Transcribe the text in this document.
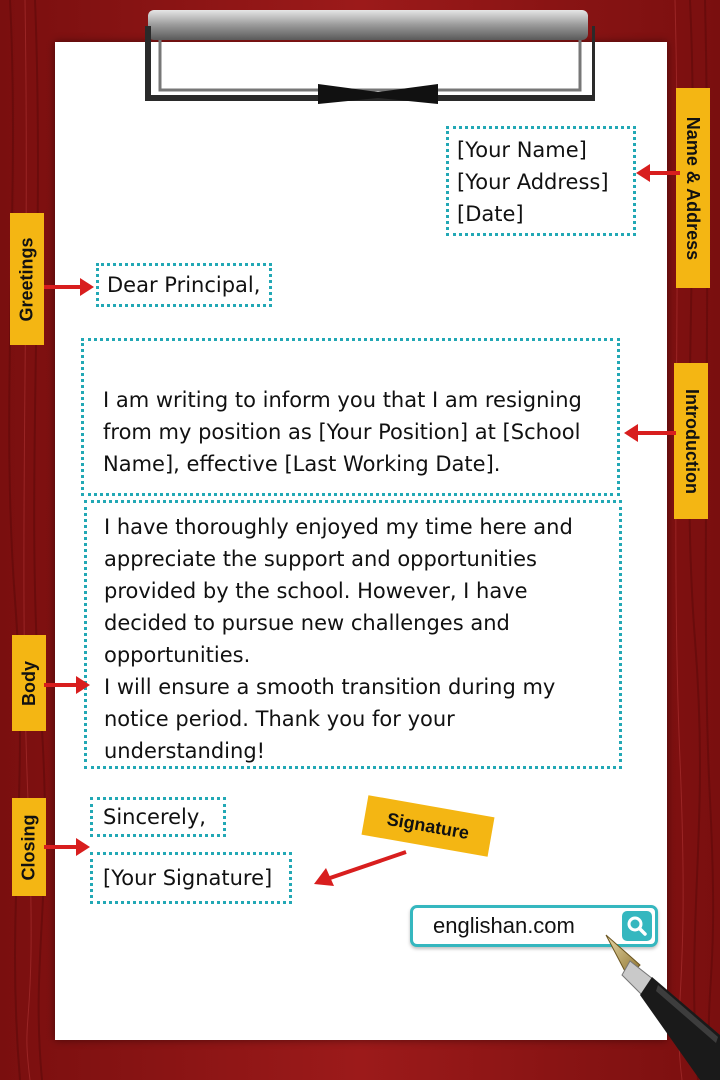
[Your Name]
[Your Address]
[Date]
Dear Principal,
I am writing to inform you that I am resigning
from my position as [Your Position] at [School
Name], effective [Last Working Date].
I have thoroughly enjoyed my time here and
appreciate the support and opportunities
provided by the school. However, I have
decided to pursue new challenges and
opportunities.
I will ensure a smooth transition during my
notice period. Thank you for your
understanding!
Sincerely,
[Your Signature]
Name & Address
Greetings
Introduction
Body
Closing	Signature
englishan.com
